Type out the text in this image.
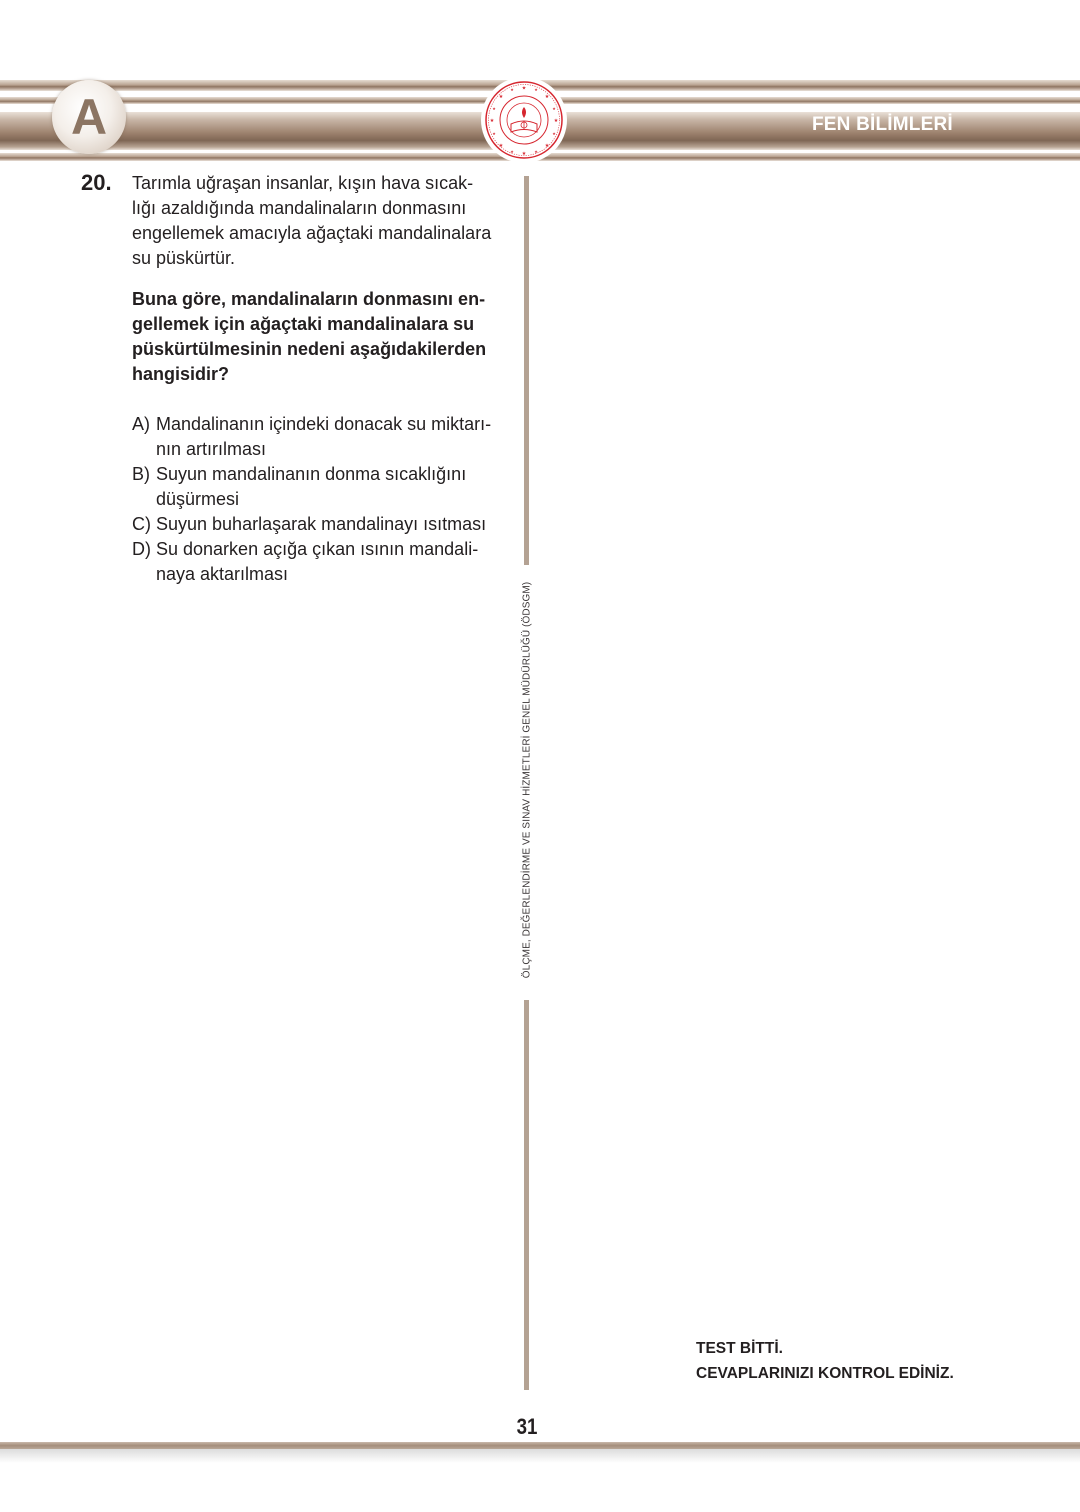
A
★
★
★	★
★	★
★	★
★	★
★	★
★	★
★	★	FEN BİLİMLERİ
20. Tarımla uğraşan insanlar, kışın hava sıcak-

lığı azaldığında mandalinaların donmasını

engellemek amacıyla ağaçtaki mandalinalara

su püskürtür.

Buna göre, mandalinaların donmasını en-

gellemek için ağaçtaki mandalinalara su

püskürtülmesinin nedeni aşağıdakilerden

hangisidir?

A) Mandalinanın içindeki donacak su miktarı-
nın artırılması
B) Suyun mandalinanın donma sıcaklığını
düşürmesi
C) Suyun buharlaşarak mandalinayı ısıtması
D) Su donarken açığa çıkan ısının mandali-
naya aktarılması
ÖLÇME, DEĞERLENDİRME VE SINAV HİZMETLERİ GENEL MÜDÜRLÜĞÜ (ÖDSGM)
TEST BİTTİ.
CEVAPLARINIZI KONTROL EDİNİZ.
31
